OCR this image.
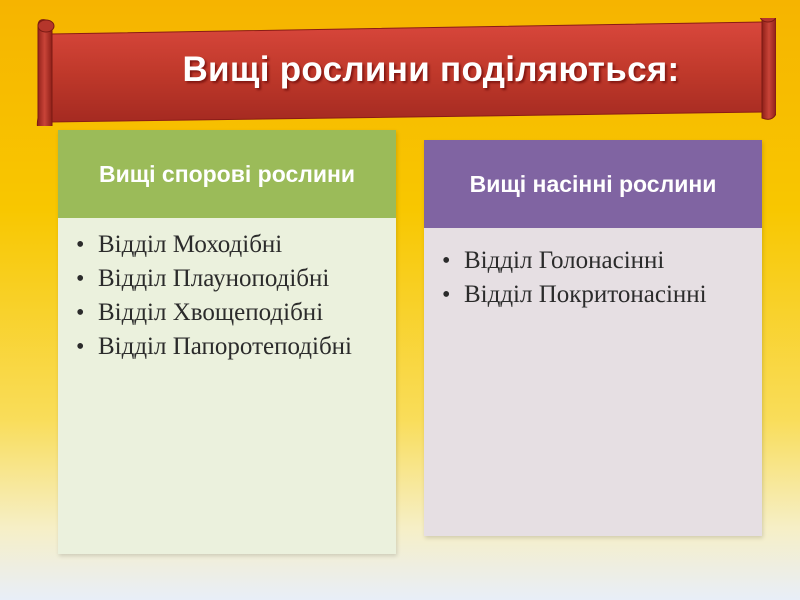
Вищі рослини поділяються:
Вищі спорові рослини
• Відділ Моходібні
• Відділ Плауноподібні
• Відділ Хвощеподібні
• Відділ Папоротеподібні
Вищі насінні рослини
• Відділ Голонасінні
• Відділ Покритонасінні
